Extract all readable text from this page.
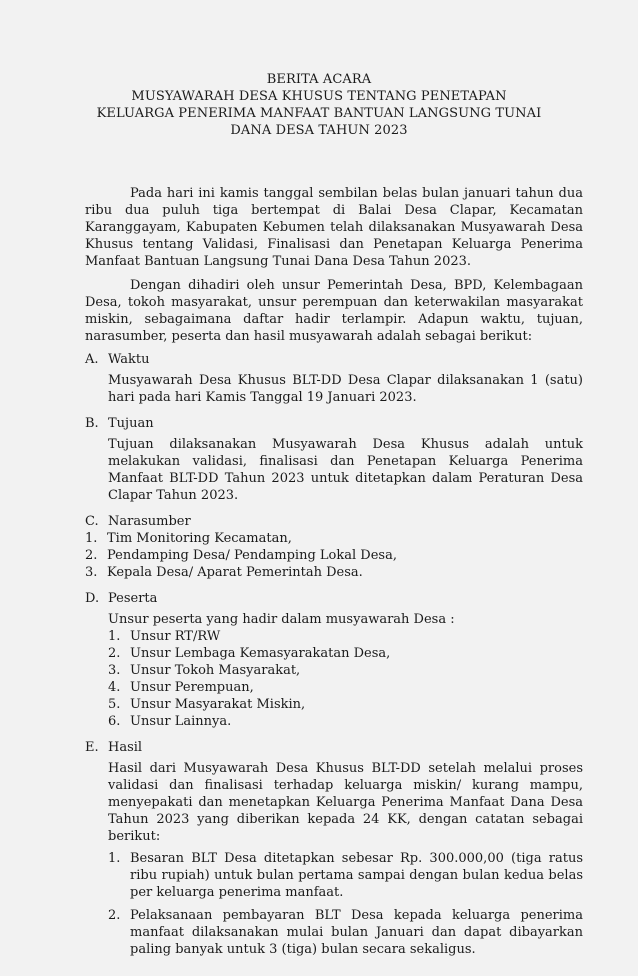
BERITA ACARA
MUSYAWARAH DESA KHUSUS TENTANG PENETAPAN
KELUARGA PENERIMA MANFAAT BANTUAN LANGSUNG TUNAI
DANA DESA TAHUN 2023

Pada hari ini kamis tanggal sembilan belas bulan januari tahun dua ribu dua puluh tiga bertempat di Balai Desa Clapar, Kecamatan Karanggayam, Kabupaten Kebumen telah dilaksanakan Musyawarah Desa Khusus tentang Validasi, Finalisasi dan Penetapan Keluarga Penerima Manfaat Bantuan Langsung Tunai Dana Desa Tahun 2023.

Dengan dihadiri oleh unsur Pemerintah Desa, BPD, Kelembagaan Desa, tokoh masyarakat, unsur perempuan dan keterwakilan masyarakat miskin, sebagaimana daftar hadir terlampir. Adapun waktu, tujuan, narasumber, peserta dan hasil musyawarah adalah sebagai berikut:

A. Waktu

Musyawarah Desa Khusus BLT-DD Desa Clapar dilaksanakan 1 (satu) hari pada hari Kamis Tanggal 19 Januari 2023.

B. Tujuan

Tujuan dilaksanakan Musyawarah Desa Khusus adalah untuk melakukan validasi, finalisasi dan Penetapan Keluarga Penerima Manfaat BLT-DD Tahun 2023 untuk ditetapkan dalam Peraturan Desa Clapar Tahun 2023.

C. Narasumber
1. Tim Monitoring Kecamatan,
2. Pendamping Desa/ Pendamping Lokal Desa,
3. Kepala Desa/ Aparat Pemerintah Desa.
D. Peserta

Unsur peserta yang hadir dalam musyawarah Desa :

1. Unsur RT/RW
2. Unsur Lembaga Kemasyarakatan Desa,
3. Unsur Tokoh Masyarakat,
4. Unsur Perempuan,
5. Unsur Masyarakat Miskin,
6. Unsur Lainnya.
E. Hasil

Hasil dari Musyawarah Desa Khusus BLT-DD setelah melalui proses validasi dan finalisasi terhadap keluarga miskin/ kurang mampu, menyepakati dan menetapkan Keluarga Penerima Manfaat Dana Desa Tahun 2023 yang diberikan kepada 24 KK, dengan catatan sebagai berikut:

1. Besaran BLT Desa ditetapkan sebesar Rp. 300.000,00 (tiga ratus ribu rupiah) untuk bulan pertama sampai dengan bulan kedua belas per keluarga penerima manfaat.
2. Pelaksanaan pembayaran BLT Desa kepada keluarga penerima manfaat dilaksanakan mulai bulan Januari dan dapat dibayarkan paling banyak untuk 3 (tiga) bulan secara sekaligus.
